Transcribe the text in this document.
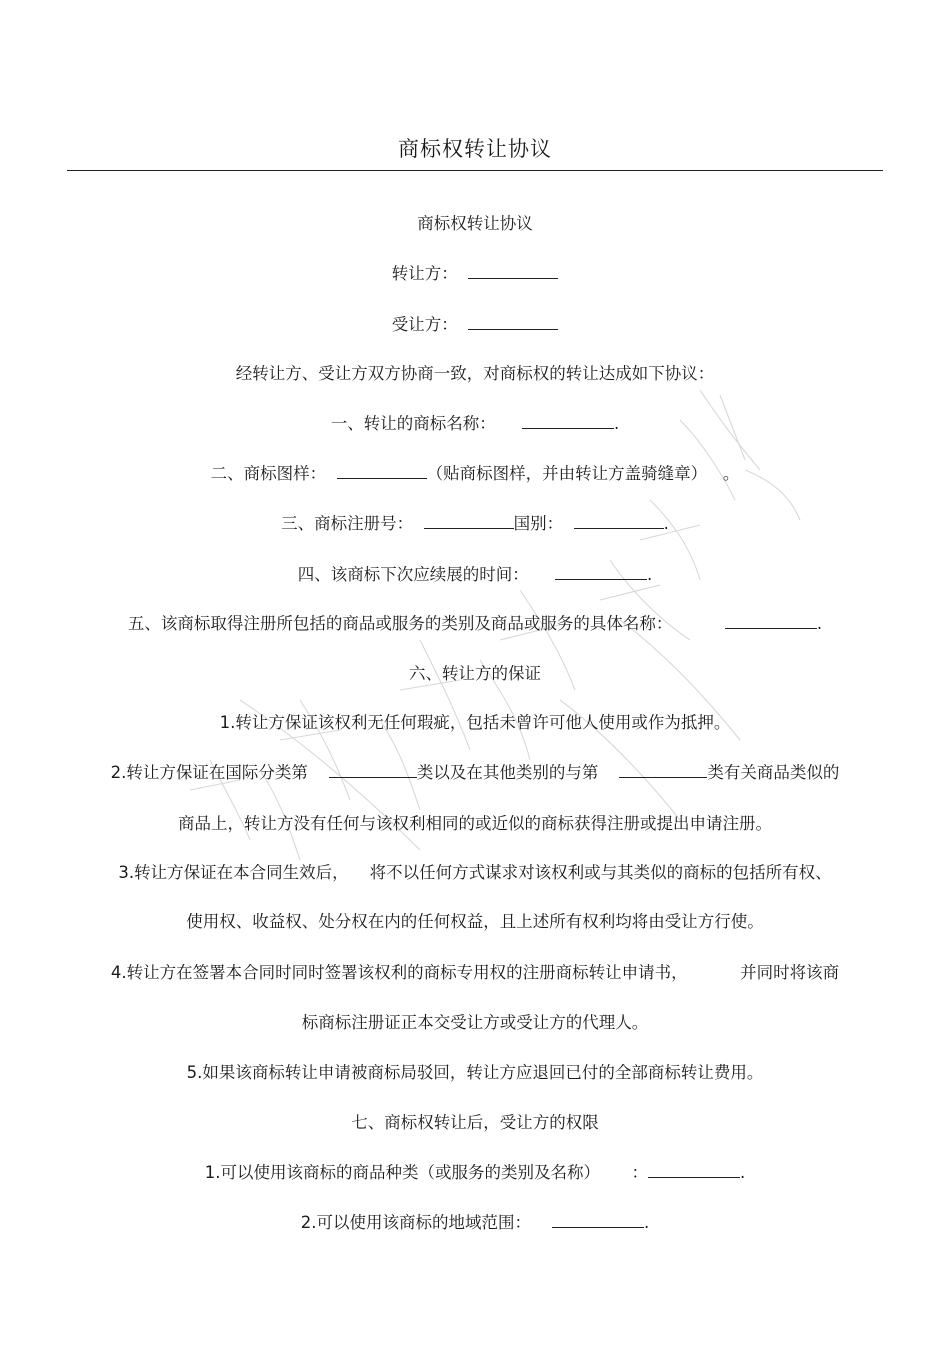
商标权转让协议
商标权转让协议
转让方：
受让方：
经转让方、受让方双方协商一致，对商标权的转让达成如下协议：
一、转让的商标名称：	.
二、商标图样：	（贴商标图样，并由转让方盖骑缝章） 。
三、商标注册号：	国别：	.
四、该商标下次应续展的时间：	.
五、该商标取得注册所包括的商品或服务的类别及商品或服务的具体名称：	.
六、转让方的保证
1.转让方保证该权利无任何瑕疵，包括未曾许可他人使用或作为抵押。
2.转让方保证在国际分类第	类以及在其他类别的与第	类有关商品类似的
商品上，转让方没有任何与该权利相同的或近似的商标获得注册或提出申请注册。
3.转让方保证在本合同生效后， 将不以任何方式谋求对该权利或与其类似的商标的包括所有权、
使用权、收益权、处分权在内的任何权益，且上述所有权利均将由受让方行使。
4.转让方在签署本合同时同时签署该权利的商标专用权的注册商标转让申请书，	并同时将该商
标商标注册证正本交受让方或受让方的代理人。
5.如果该商标转让申请被商标局驳回，转让方应退回已付的全部商标转让费用。
七、商标权转让后，受让方的权限
1.可以使用该商标的商品种类（或服务的类别及名称） ：	.
2.可以使用该商标的地域范围：	.
